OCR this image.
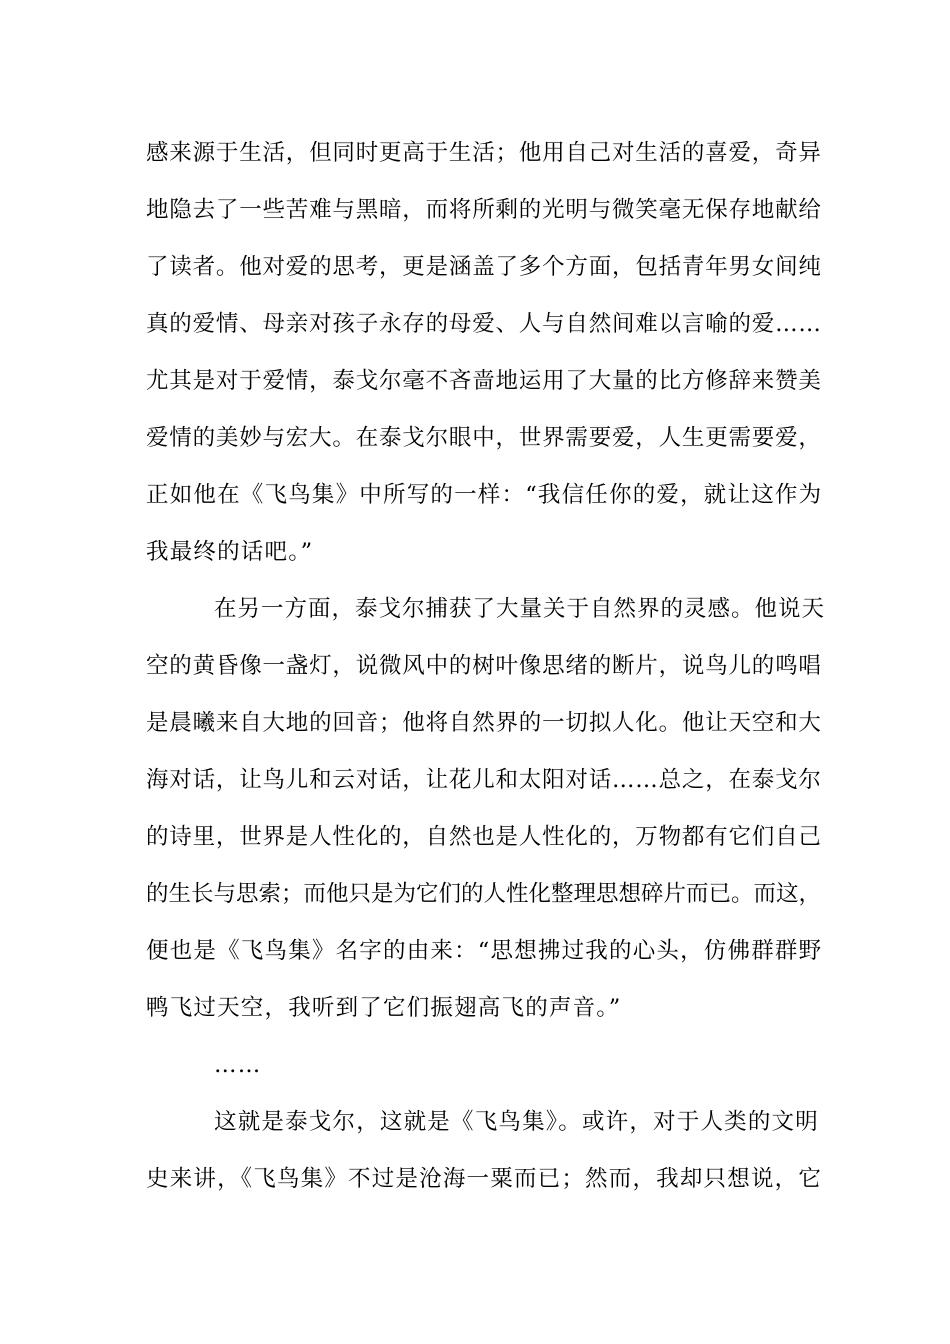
感来源于生活，但同时更高于生活；他用自己对生活的喜爱，奇异
地隐去了一些苦难与黑暗，而将所剩的光明与微笑毫无保存地献给
了读者。他对爱的思考，更是涵盖了多个方面，包括青年男女间纯
真的爱情、母亲对孩子永存的母爱、人与自然间难以言喻的爱……
尤其是对于爱情，泰戈尔毫不吝啬地运用了大量的比方修辞来赞美
爱情的美妙与宏大。在泰戈尔眼中，世界需要爱，人生更需要爱，
正如他在《飞鸟集》中所写的一样：“我信任你的爱，就让这作为
我最终的话吧。”
在另一方面，泰戈尔捕获了大量关于自然界的灵感。他说天
空的黄昏像一盏灯，说微风中的树叶像思绪的断片，说鸟儿的鸣唱
是晨曦来自大地的回音；他将自然界的一切拟人化。他让天空和大
海对话，让鸟儿和云对话，让花儿和太阳对话……总之，在泰戈尔
的诗里，世界是人性化的，自然也是人性化的，万物都有它们自己
的生长与思索；而他只是为它们的人性化整理思想碎片而已。而这，
便也是《飞鸟集》名字的由来：“思想拂过我的心头，仿佛群群野
鸭飞过天空，我听到了它们振翅高飞的声音。”
……
这就是泰戈尔，这就是《飞鸟集》。或许，对于人类的文明
史来讲，《飞鸟集》不过是沧海一粟而已；然而，我却只想说，它
